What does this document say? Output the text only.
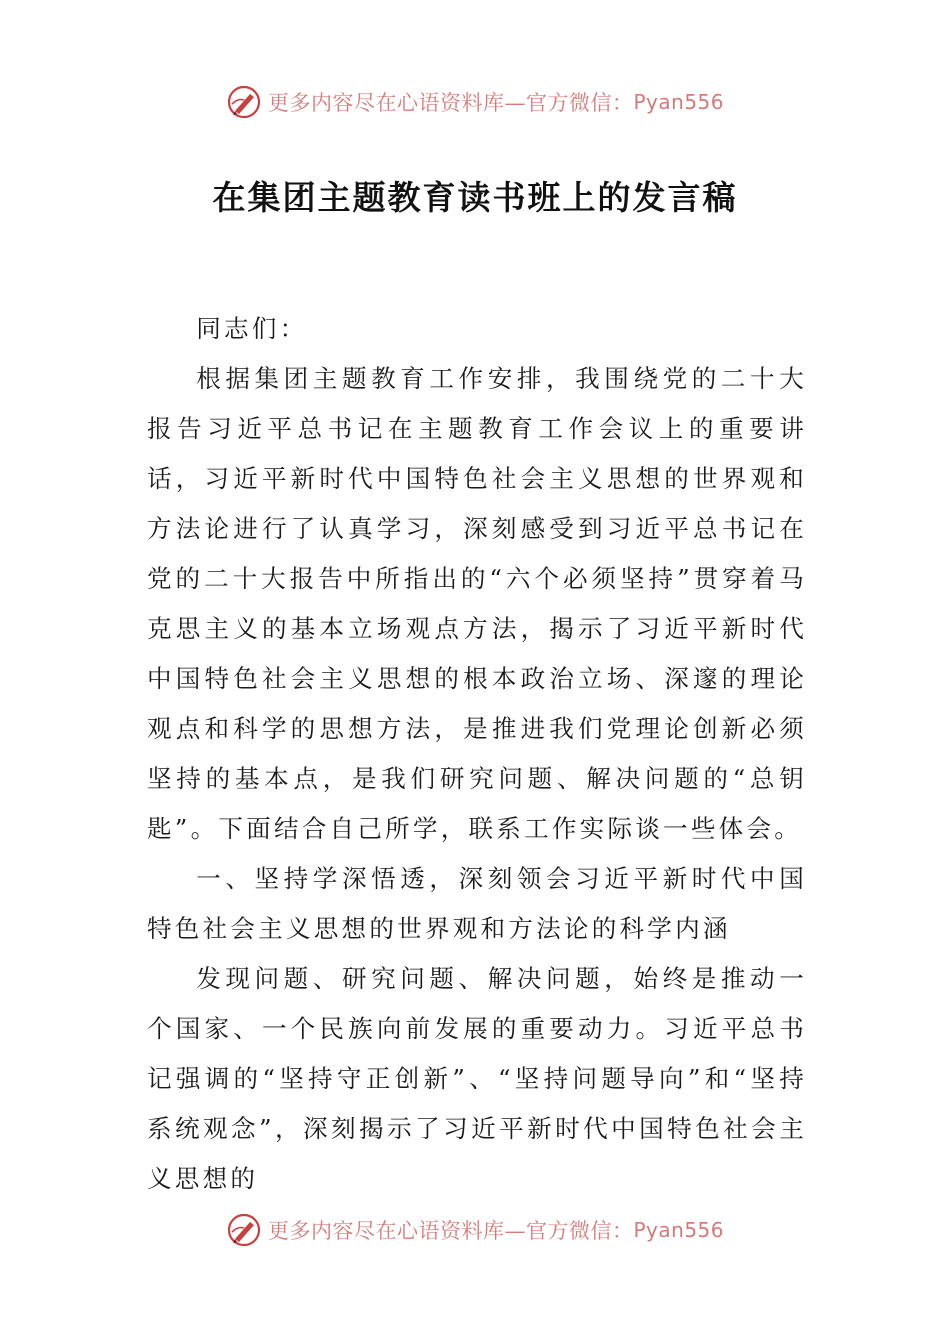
更多内容尽在心语资料库—官方微信： Pyan556
在集团主题教育读书班上的发言稿

同志们：

根据集团主题教育工作安排，我围绕党的二十大报告习近平总书记在主题教育工作会议上的重要讲话，习近平新时代中国特色社会主义思想的世界观和方法论进行了认真学习，深刻感受到习近平总书记在党的二十大报告中所指出的“六个必须坚持”贯穿着马克思主义的基本立场观点方法，揭示了习近平新时代中国特色社会主义思想的根本政治立场、深邃的理论观点和科学的思想方法，是推进我们党理论创新必须坚持的基本点，是我们研究问题、解决问题的“总钥匙”。下面结合自己所学，联系工作实际谈一些体会。

一、坚持学深悟透，深刻领会习近平新时代中国特色社会主义思想的世界观和方法论的科学内涵

发现问题、研究问题、解决问题，始终是推动一个国家、一个民族向前发展的重要动力。习近平总书记强调的“坚持守正创新”、“坚持问题导向”和“坚持系统观念”，深刻揭示了习近平新时代中国特色社会主义思想的

更多内容尽在心语资料库—官方微信： Pyan556
